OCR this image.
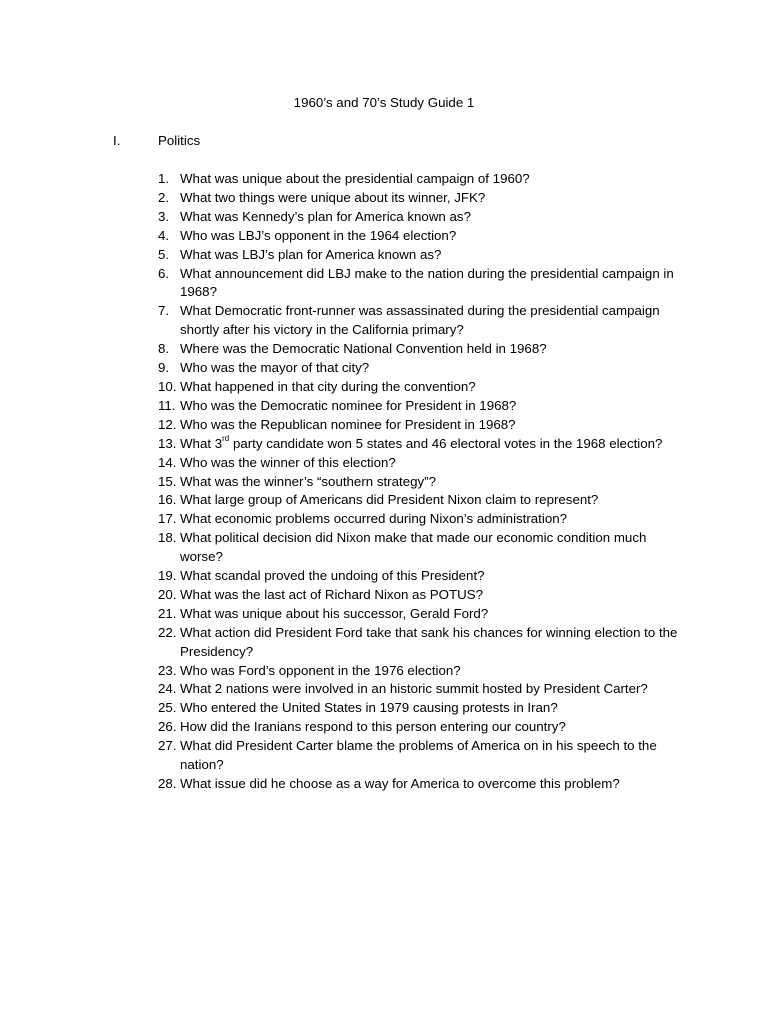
1960’s and 70’s Study Guide 1
I.	Politics
1. What was unique about the presidential campaign of 1960?
2. What two things were unique about its winner, JFK?
3. What was Kennedy’s plan for America known as?
4. Who was LBJ’s opponent in the 1964 election?
5. What was LBJ’s plan for America known as?
6. What announcement did LBJ make to the nation during the presidential campaign in 1968?
7. What Democratic front-runner was assassinated during the presidential campaign shortly after his victory in the California primary?
8. Where was the Democratic National Convention held in 1968?
9. Who was the mayor of that city?
10. What happened in that city during the convention?
11. Who was the Democratic nominee for President in 1968?
12. Who was the Republican nominee for President in 1968?
13. What 3rd party candidate won 5 states and 46 electoral votes in the 1968 election?
14. Who was the winner of this election?
15. What was the winner’s “southern strategy”?
16. What large group of Americans did President Nixon claim to represent?
17. What economic problems occurred during Nixon’s administration?
18. What political decision did Nixon make that made our economic condition much worse?
19. What scandal proved the undoing of this President?
20. What was the last act of Richard Nixon as POTUS?
21. What was unique about his successor, Gerald Ford?
22. What action did President Ford take that sank his chances for winning election to the Presidency?
23. Who was Ford’s opponent in the 1976 election?
24. What 2 nations were involved in an historic summit hosted by President Carter?
25. Who entered the United States in 1979 causing protests in Iran?
26. How did the Iranians respond to this person entering our country?
27. What did President Carter blame the problems of America on in his speech to the nation?
28. What issue did he choose as a way for America to overcome this problem?
